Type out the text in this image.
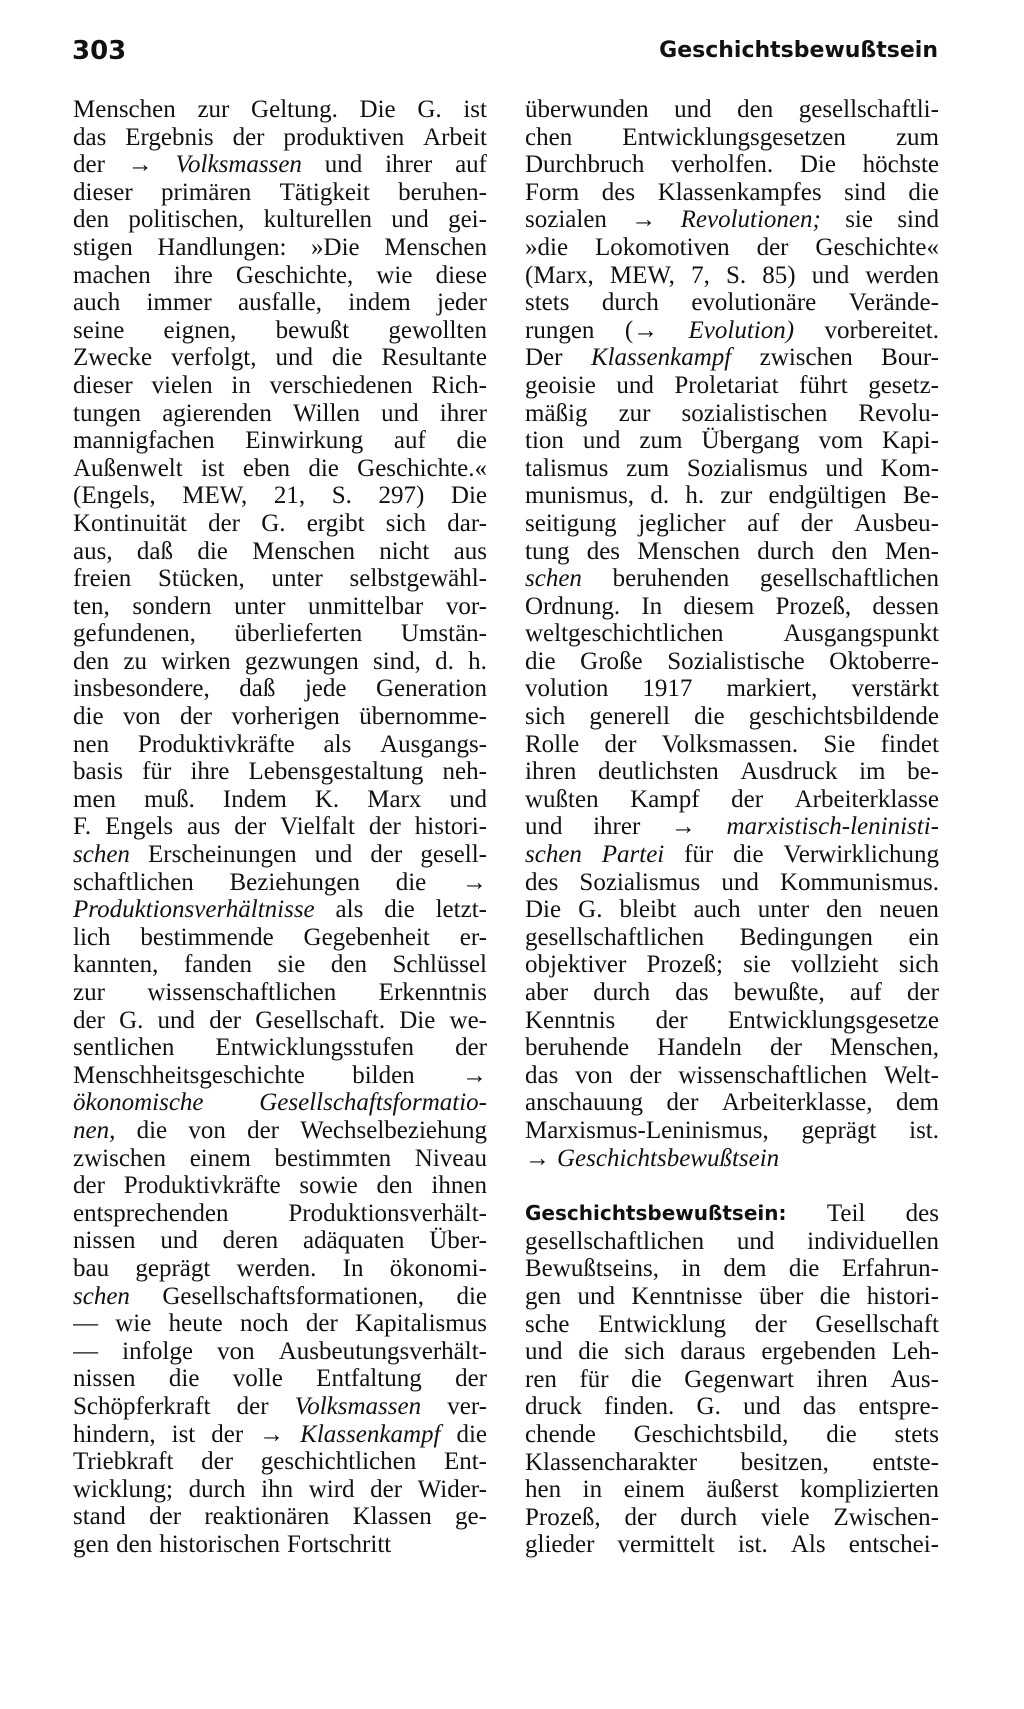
303	Geschichtsbewußtsein
Menschen zur Geltung. Die G. ist
das Ergebnis der produktiven Arbeit
der → Volksmassen und ihrer auf
dieser primären Tätigkeit beruhen-
den politischen, kulturellen und gei-
stigen Handlungen: »Die Menschen
machen ihre Geschichte, wie diese
auch immer ausfalle, indem jeder
seine eignen, bewußt gewollten
Zwecke verfolgt, und die Resultante
dieser vielen in verschiedenen Rich-
tungen agierenden Willen und ihrer
mannigfachen Einwirkung auf die
Außenwelt ist eben die Geschichte.«
(Engels, MEW, 21, S. 297) Die
Kontinuität der G. ergibt sich dar-
aus, daß die Menschen nicht aus
freien Stücken, unter selbstgewähl-
ten, sondern unter unmittelbar vor-
gefundenen, überlieferten Umstän-
den zu wirken gezwungen sind, d. h.
insbesondere, daß jede Generation
die von der vorherigen übernomme-
nen Produktivkräfte als Ausgangs-
basis für ihre Lebensgestaltung neh-
men muß. Indem K. Marx und
F. Engels aus der Vielfalt der histori-
schen Erscheinungen und der gesell-
schaftlichen Beziehungen die →
Produktionsverhältnisse als die letzt-
lich bestimmende Gegebenheit er-
kannten, fanden sie den Schlüssel
zur wissenschaftlichen Erkenntnis
der G. und der Gesellschaft. Die we-
sentlichen Entwicklungsstufen der
Menschheitsgeschichte bilden →
ökonomische Gesellschaftsformatio-
nen, die von der Wechselbeziehung
zwischen einem bestimmten Niveau
der Produktivkräfte sowie den ihnen
entsprechenden Produktionsverhält-
nissen und deren adäquaten Über-
bau geprägt werden. In ökonomi-
schen Gesellschaftsformationen, die
— wie heute noch der Kapitalismus
— infolge von Ausbeutungsverhält-
nissen die volle Entfaltung der
Schöpferkraft der Volksmassen ver-
hindern, ist der → Klassenkampf die
Triebkraft der geschichtlichen Ent-
wicklung; durch ihn wird der Wider-
stand der reaktionären Klassen ge-
gen den historischen Fortschritt
überwunden und den gesellschaftli-
chen Entwicklungsgesetzen zum
Durchbruch verholfen. Die höchste
Form des Klassenkampfes sind die
sozialen → Revolutionen; sie sind
»die Lokomotiven der Geschichte«
(Marx, MEW, 7, S. 85) und werden
stets durch evolutionäre Verände-
rungen (→ Evolution) vorbereitet.
Der Klassenkampf zwischen Bour-
geoisie und Proletariat führt gesetz-
mäßig zur sozialistischen Revolu-
tion und zum Übergang vom Kapi-
talismus zum Sozialismus und Kom-
munismus, d. h. zur endgültigen Be-
seitigung jeglicher auf der Ausbeu-
tung des Menschen durch den Men-
schen beruhenden gesellschaftlichen
Ordnung. In diesem Prozeß, dessen
weltgeschichtlichen Ausgangspunkt
die Große Sozialistische Oktoberre-
volution 1917 markiert, verstärkt
sich generell die geschichtsbildende
Rolle der Volksmassen. Sie findet
ihren deutlichsten Ausdruck im be-
wußten Kampf der Arbeiterklasse
und ihrer → marxistisch-leninisti-
schen Partei für die Verwirklichung
des Sozialismus und Kommunismus.
Die G. bleibt auch unter den neuen
gesellschaftlichen Bedingungen ein
objektiver Prozeß; sie vollzieht sich
aber durch das bewußte, auf der
Kenntnis der Entwicklungsgesetze
beruhende Handeln der Menschen,
das von der wissenschaftlichen Welt-
anschauung der Arbeiterklasse, dem
Marxismus-Leninismus, geprägt ist.
→ Geschichtsbewußtsein
Geschichtsbewußtsein: Teil des
gesellschaftlichen und individuellen
Bewußtseins, in dem die Erfahrun-
gen und Kenntnisse über die histori-
sche Entwicklung der Gesellschaft
und die sich daraus ergebenden Leh-
ren für die Gegenwart ihren Aus-
druck finden. G. und das entspre-
chende Geschichtsbild, die stets
Klassencharakter besitzen, entste-
hen in einem äußerst komplizierten
Prozeß, der durch viele Zwischen-
glieder vermittelt ist. Als entschei-
